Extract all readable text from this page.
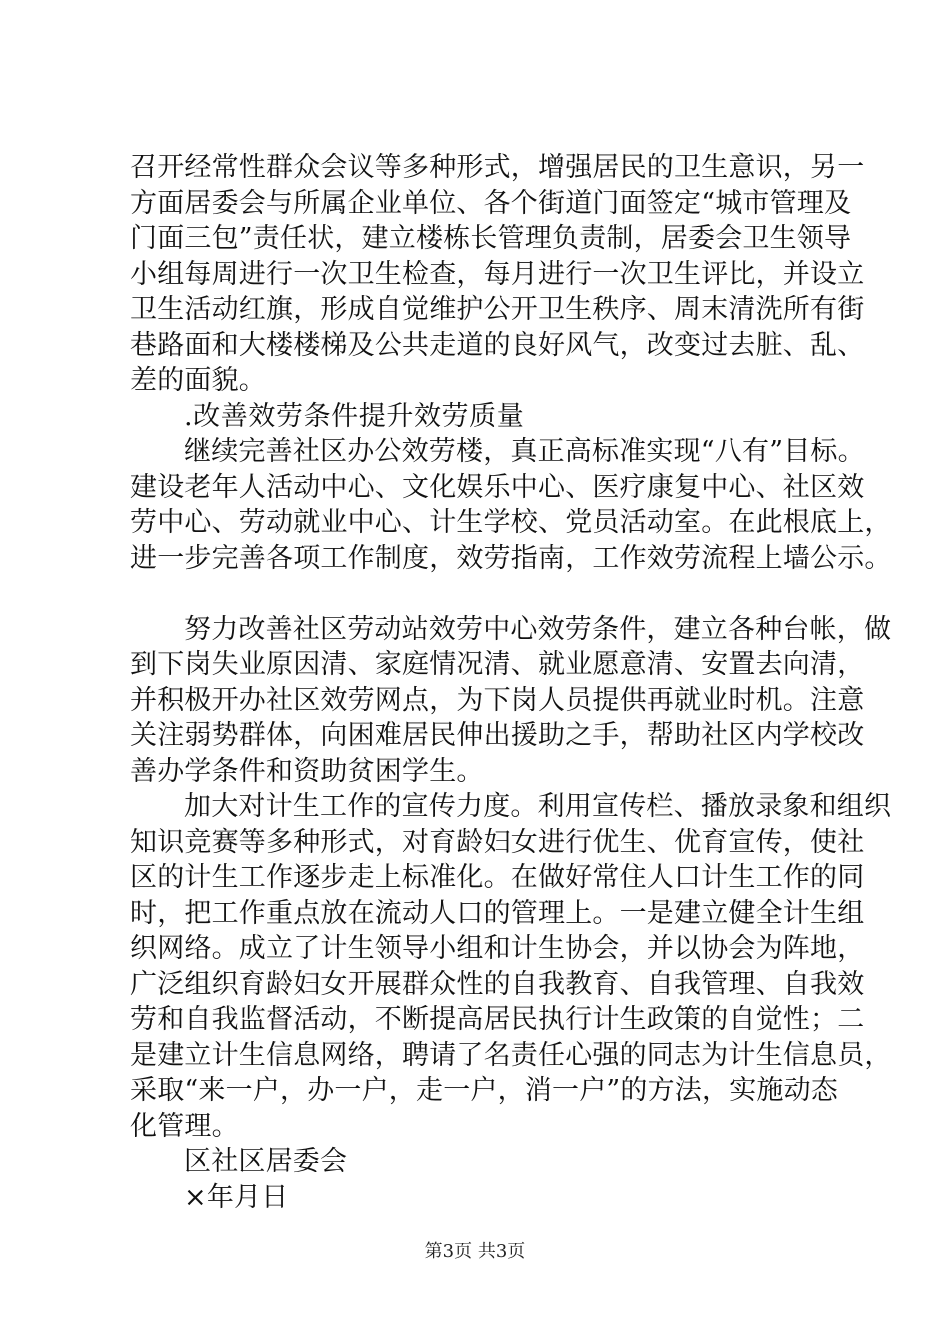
召开经常性群众会议等多种形式，增强居民的卫生意识，另一
方面居委会与所属企业单位、各个街道门面签定“城市管理及
门面三包”责任状，建立楼栋长管理负责制，居委会卫生领导
小组每周进行一次卫生检查，每月进行一次卫生评比，并设立
卫生活动红旗，形成自觉维护公开卫生秩序、周末清洗所有街
巷路面和大楼楼梯及公共走道的良好风气，改变过去脏、乱、
差的面貌。
.改善效劳条件提升效劳质量
继续完善社区办公效劳楼，真正高标准实现“八有”目标。
建设老年人活动中心、文化娱乐中心、医疗康复中心、社区效
劳中心、劳动就业中心、计生学校、党员活动室。在此根底上，
进一步完善各项工作制度，效劳指南，工作效劳流程上墙公示。
努力改善社区劳动站效劳中心效劳条件，建立各种台帐，做
到下岗失业原因清、家庭情况清、就业愿意清、安置去向清，
并积极开办社区效劳网点，为下岗人员提供再就业时机。注意
关注弱势群体，向困难居民伸出援助之手，帮助社区内学校改
善办学条件和资助贫困学生。
加大对计生工作的宣传力度。利用宣传栏、播放录象和组织
知识竞赛等多种形式，对育龄妇女进行优生、优育宣传，使社
区的计生工作逐步走上标准化。在做好常住人口计生工作的同
时，把工作重点放在流动人口的管理上。一是建立健全计生组
织网络。成立了计生领导小组和计生协会，并以协会为阵地，
广泛组织育龄妇女开展群众性的自我教育、自我管理、自我效
劳和自我监督活动，不断提高居民执行计生政策的自觉性；二
是建立计生信息网络，聘请了名责任心强的同志为计生信息员，
采取“来一户，办一户，走一户，消一户”的方法，实施动态
化管理。
区社区居委会
×年月日
第3页 共3页
